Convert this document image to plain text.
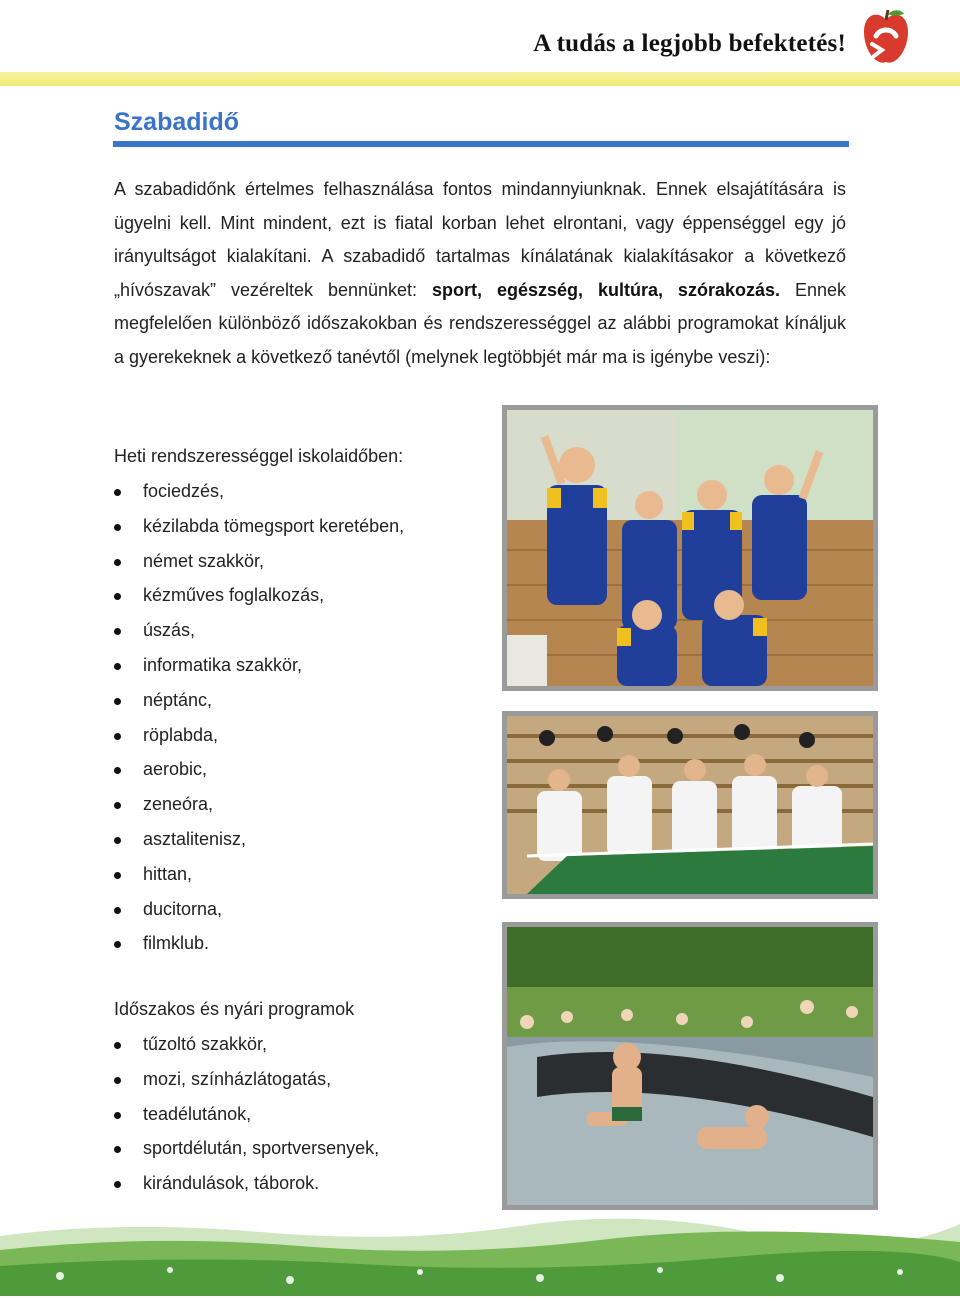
A tudás a legjobb befektetés!
Szabadidő
A szabadidőnk értelmes felhasználása fontos mindannyiunknak. Ennek elsajátítására is ügyelni kell. Mint mindent, ezt is fiatal korban lehet elrontani, vagy éppenséggel egy jó irányultságot kialakítani. A szabadidő tartalmas kínálatának kialakításakor a következő „hívószavak” vezéreltek bennünket: sport, egészség, kultúra, szórakozás. Ennek megfelelően különböző időszakokban és rendszerességgel az alábbi programokat kínáljuk a gyerekeknek a következő tanévtől (melynek legtöbbjét már ma is igénybe veszi):
Heti rendszerességgel iskolaidőben:
fociedzés,
kézilabda tömegsport keretében,
német szakkör,
kézműves foglalkozás,
úszás,
informatika szakkör,
néptánc,
röplabda,
aerobic,
zeneóra,
asztalitenisz,
hittan,
ducitorna,
filmklub.
Időszakos és nyári programok
tűzoltó szakkör,
mozi, színházlátogatás,
teadélutánok,
sportdélután, sportversenyek,
kirándulások, táborok.
